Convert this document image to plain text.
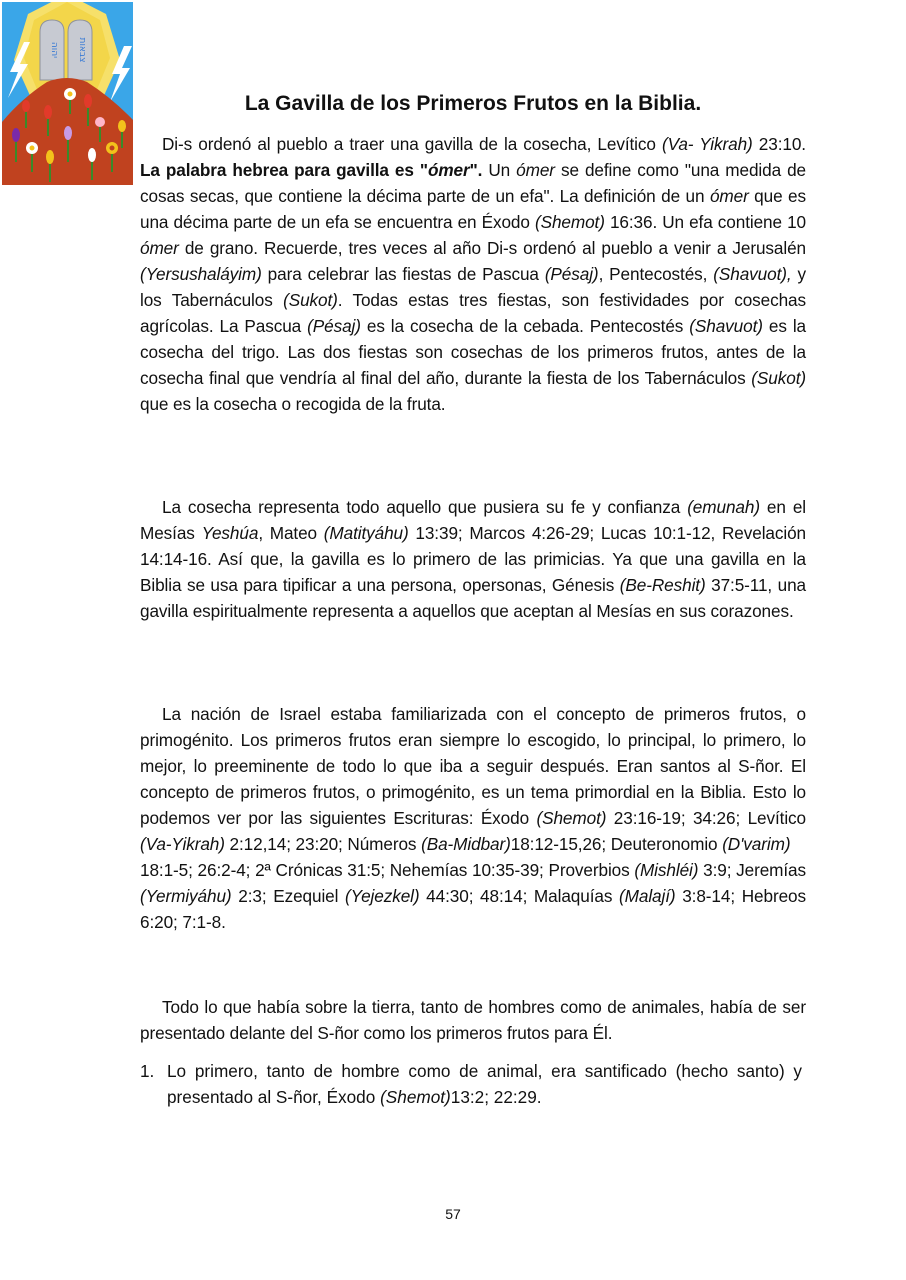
יהוה צבאות
La Gavilla de los Primeros Frutos en la Biblia.

Di-s ordenó al pueblo a traer una gavilla de la cosecha, Levítico (Va- Yikrah) 23:10. La palabra hebrea para gavilla es "ómer". Un ómer se define como "una medida de cosas secas, que contiene la décima parte de un efa". La definición de un ómer que es una décima parte de un efa se encuentra en Éxodo (Shemot) 16:36. Un efa contiene 10 ómer de grano. Recuerde, tres veces al año Di-s ordenó al pueblo a venir a Jerusalén (Yersushaláyim) para celebrar las fiestas de Pascua (Pésaj), Pentecostés, (Shavuot), y los Tabernáculos (Sukot). Todas estas tres fiestas, son festividades por cosechas agrícolas. La Pascua (Pésaj) es la cosecha de la cebada. Pentecostés (Shavuot) es la cosecha del trigo. Las dos fiestas son cosechas de los primeros frutos, antes de la cosecha final que vendría al final del año, durante la fiesta de los Tabernáculos (Sukot) que es la cosecha o recogida de la fruta.

La cosecha representa todo aquello que pusiera su fe y confianza (emunah) en el Mesías Yeshúa, Mateo (Matityáhu) 13:39; Marcos 4:26-29; Lucas 10:1-12, Revelación 14:14-16. Así que, la gavilla es lo primero de las primicias. Ya que una gavilla en la Biblia se usa para tipificar a una persona, opersonas, Génesis (Be-Reshit) 37:5-11, una gavilla espiritualmente representa a aquellos que aceptan al Mesías en sus corazones.

La nación de Israel estaba familiarizada con el concepto de primeros frutos, o primogénito. Los primeros frutos eran siempre lo escogido, lo principal, lo primero, lo mejor, lo preeminente de todo lo que iba a seguir después. Eran santos al S-ñor. El concepto de primeros frutos, o primogénito, es un tema primordial en la Biblia. Esto lo podemos ver por las siguientes Escrituras: Éxodo (Shemot) 23:16-19; 34:26; Levítico (Va-Yikrah) 2:12,14; 23:20; Números (Ba-Midbar)18:12-15,26; Deuteronomio (D'varim)
18:1-5; 26:2-4; 2ª Crónicas 31:5; Nehemías 10:35-39; Proverbios (Mishléi) 3:9; Jeremías (Yermiyáhu) 2:3; Ezequiel (Yejezkel) 44:30; 48:14; Malaquías (Malají) 3:8-14; Hebreos 6:20; 7:1-8.

Todo lo que había sobre la tierra, tanto de hombres como de animales, había de ser presentado delante del S-ñor como los primeros frutos para Él.

1. Lo primero, tanto de hombre como de animal, era santificado (hecho santo) y presentado al S-ñor, Éxodo (Shemot)13:2; 22:29.
57
